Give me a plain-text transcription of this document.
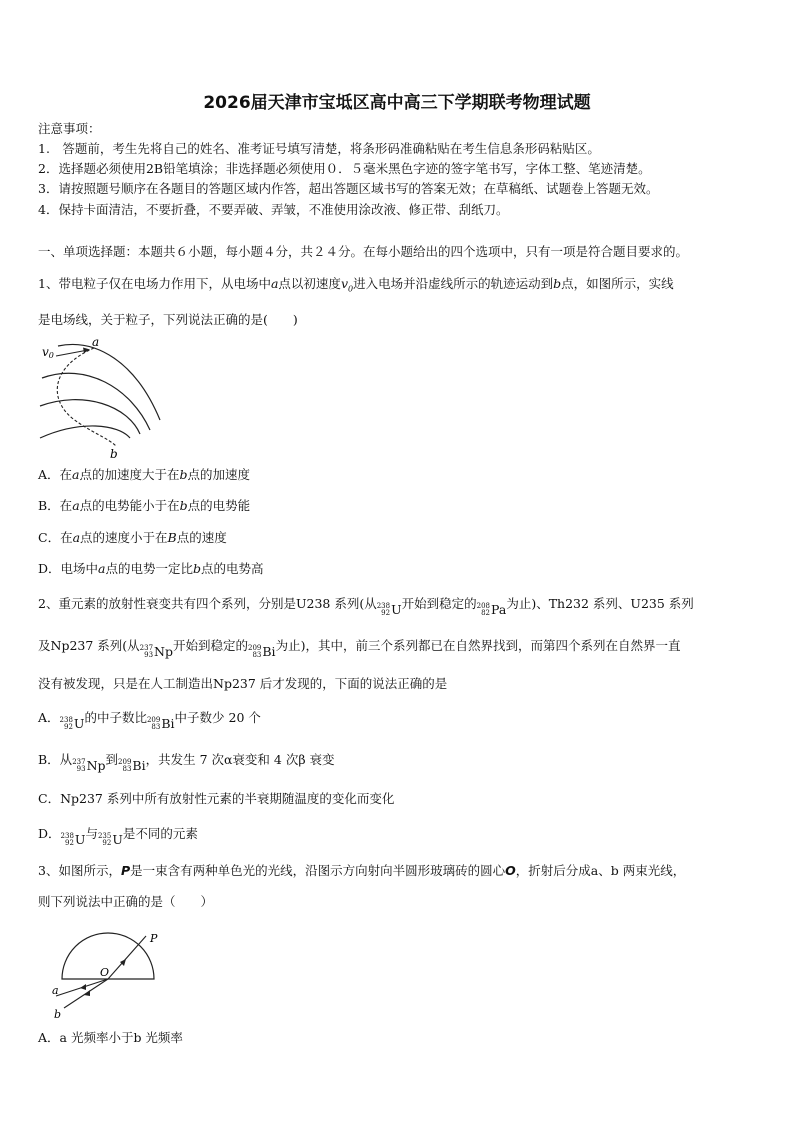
2026届天津市宝坻区高中高三下学期联考物理试题
注意事项：
1.　答题前，考生先将自己的姓名、准考证号填写清楚，将条形码准确粘贴在考生信息条形码粘贴区。
2．选择题必须使用2B铅笔填涂；非选择题必须使用０．５毫米黑色字迹的签字笔书写，字体工整、笔迹清楚。
3．请按照题号顺序在各题目的答题区域内作答，超出答题区域书写的答案无效；在草稿纸、试题卷上答题无效。
4．保持卡面清洁，不要折叠，不要弄破、弄皱，不准使用涂改液、修正带、刮纸刀。
一、单项选择题：本题共６小题，每小题４分，共２４分。在每小题给出的四个选项中，只有一项是符合题目要求的。
1、带电粒子仅在电场力作用下，从电场中a点以初速度$v_0$进入电场并沿虚线所示的轨迹运动到b点，如图所示，实线
是电场线，关于粒子，下列说法正确的是(　　)
v0
a
b
A．在a点的加速度大于在b点的加速度
B．在a点的电势能小于在b点的电势能
C．在a点的速度小于在B点的速度
D．电场中a点的电势一定比b点的电势高
2、重元素的放射性衰变共有四个系列，分别是U238 系列(从 238
92 U 开始到稳定的 208
82 Pa 为止)、Th232 系列、U235 系列
及Np237 系列(从 237
93 Np 开始到稳定的 209
83 Bi 为止)，其中，前三个系列都已在自然界找到，而第四个系列在自然界一直
没有被发现，只是在人工制造出Np237 后才发现的，下面的说法正确的是
A． 238
92 U 的中子数比 209
83 Bi 中子数少 20 个
B．从 237
93 Np 到 209
83 Bi ，共发生 7 次α衰变和 4 次β 衰变
C．Np237 系列中所有放射性元素的半衰期随温度的变化而变化
D． 238
92 U 与 235
92 U 是不同的元素
3、如图所示，P是一束含有两种单色光的光线，沿图示方向射向半圆形玻璃砖的圆心O，折射后分成a、b 两束光线，
则下列说法中正确的是（　　）
P
O
a
b
A．a 光频率小于b 光频率
